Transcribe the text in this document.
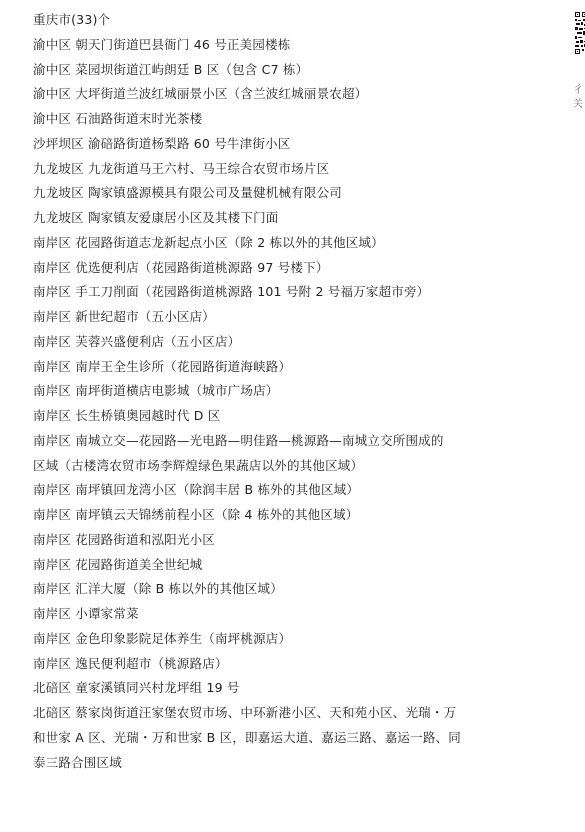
重庆市(33)个

渝中区 朝天门街道巴县衙门 46 号正美园楼栋

渝中区 菜园坝街道江屿朗廷 B 区（包含 C7 栋）

渝中区 大坪街道兰波红城丽景小区（含兰波红城丽景农超）

渝中区 石油路街道末时光茶楼

沙坪坝区 渝碚路街道杨梨路 60 号牛津街小区

九龙坡区 九龙街道马王六村、马王综合农贸市场片区

九龙坡区 陶家镇盛源模具有限公司及量健机械有限公司

九龙坡区 陶家镇友爱康居小区及其楼下门面

南岸区 花园路街道志龙新起点小区（除 2 栋以外的其他区域）

南岸区 优选便利店（花园路街道桃源路 97 号楼下）

南岸区 手工刀削面（花园路街道桃源路 101 号附 2 号福万家超市旁）

南岸区 新世纪超市（五小区店）

南岸区 芙蓉兴盛便利店（五小区店）

南岸区 南岸王全生诊所（花园路街道海峡路）

南岸区 南坪街道横店电影城（城市广场店）

南岸区 长生桥镇奥园越时代 D 区

南岸区 南城立交—花园路—光电路—明佳路—桃源路—南城立交所围成的

区域（古楼湾农贸市场李辉煌绿色果蔬店以外的其他区域）

南岸区 南坪镇回龙湾小区（除润丰居 B 栋外的其他区域）

南岸区 南坪镇云天锦绣前程小区（除 4 栋外的其他区域）

南岸区 花园路街道和泓阳光小区

南岸区 花园路街道美全世纪城

南岸区 汇洋大厦（除 B 栋以外的其他区域）

南岸区 小谭家常菜

南岸区 金色印象影院足体养生（南坪桃源店）

南岸区 逸民便利超市（桃源路店）

北碚区 童家溪镇同兴村龙坪组 19 号

北碚区 蔡家岗街道汪家堡农贸市场、中环新港小区、天和苑小区、光瑞・万

和世家 A 区、光瑞・万和世家 B 区，即嘉运大道、嘉运三路、嘉运一路、同

泰三路合围区域

彳
关
